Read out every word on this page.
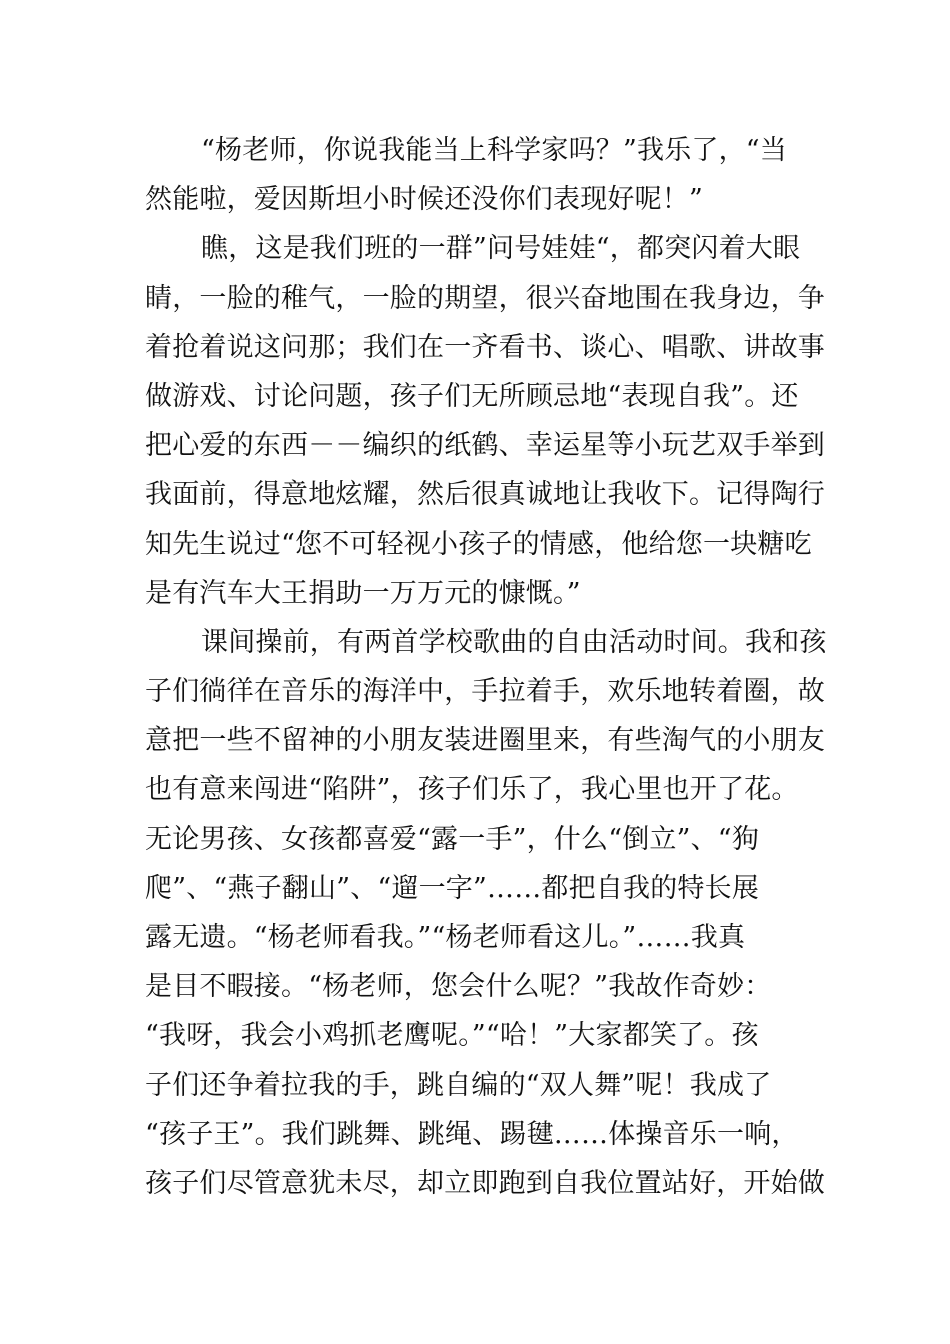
“杨老师，你说我能当上科学家吗？”我乐了，“当
然能啦，爱因斯坦小时候还没你们表现好呢！”
瞧，这是我们班的一群”问号娃娃“，都突闪着大眼
睛，一脸的稚气，一脸的期望，很兴奋地围在我身边，争
着抢着说这问那；我们在一齐看书、谈心、唱歌、讲故事
做游戏、讨论问题，孩子们无所顾忌地“表现自我”。还
把心爱的东西－－编织的纸鹤、幸运星等小玩艺双手举到
我面前，得意地炫耀，然后很真诚地让我收下。记得陶行
知先生说过“您不可轻视小孩子的情感，他给您一块糖吃
是有汽车大王捐助一万万元的慷慨。”
课间操前，有两首学校歌曲的自由活动时间。我和孩
子们徜徉在音乐的海洋中，手拉着手，欢乐地转着圈，故
意把一些不留神的小朋友装进圈里来，有些淘气的小朋友
也有意来闯进“陷阱”，孩子们乐了，我心里也开了花。
无论男孩、女孩都喜爱“露一手”，什么“倒立”、“狗
爬”、“燕子翻山”、“遛一字”……都把自我的特长展
露无遗。“杨老师看我。”“杨老师看这儿。”……我真
是目不暇接。“杨老师，您会什么呢？”我故作奇妙：
“我呀，我会小鸡抓老鹰呢。”“哈！”大家都笑了。孩
子们还争着拉我的手，跳自编的“双人舞”呢！我成了
“孩子王”。我们跳舞、跳绳、踢毽……体操音乐一响，
孩子们尽管意犹未尽，却立即跑到自我位置站好，开始做
